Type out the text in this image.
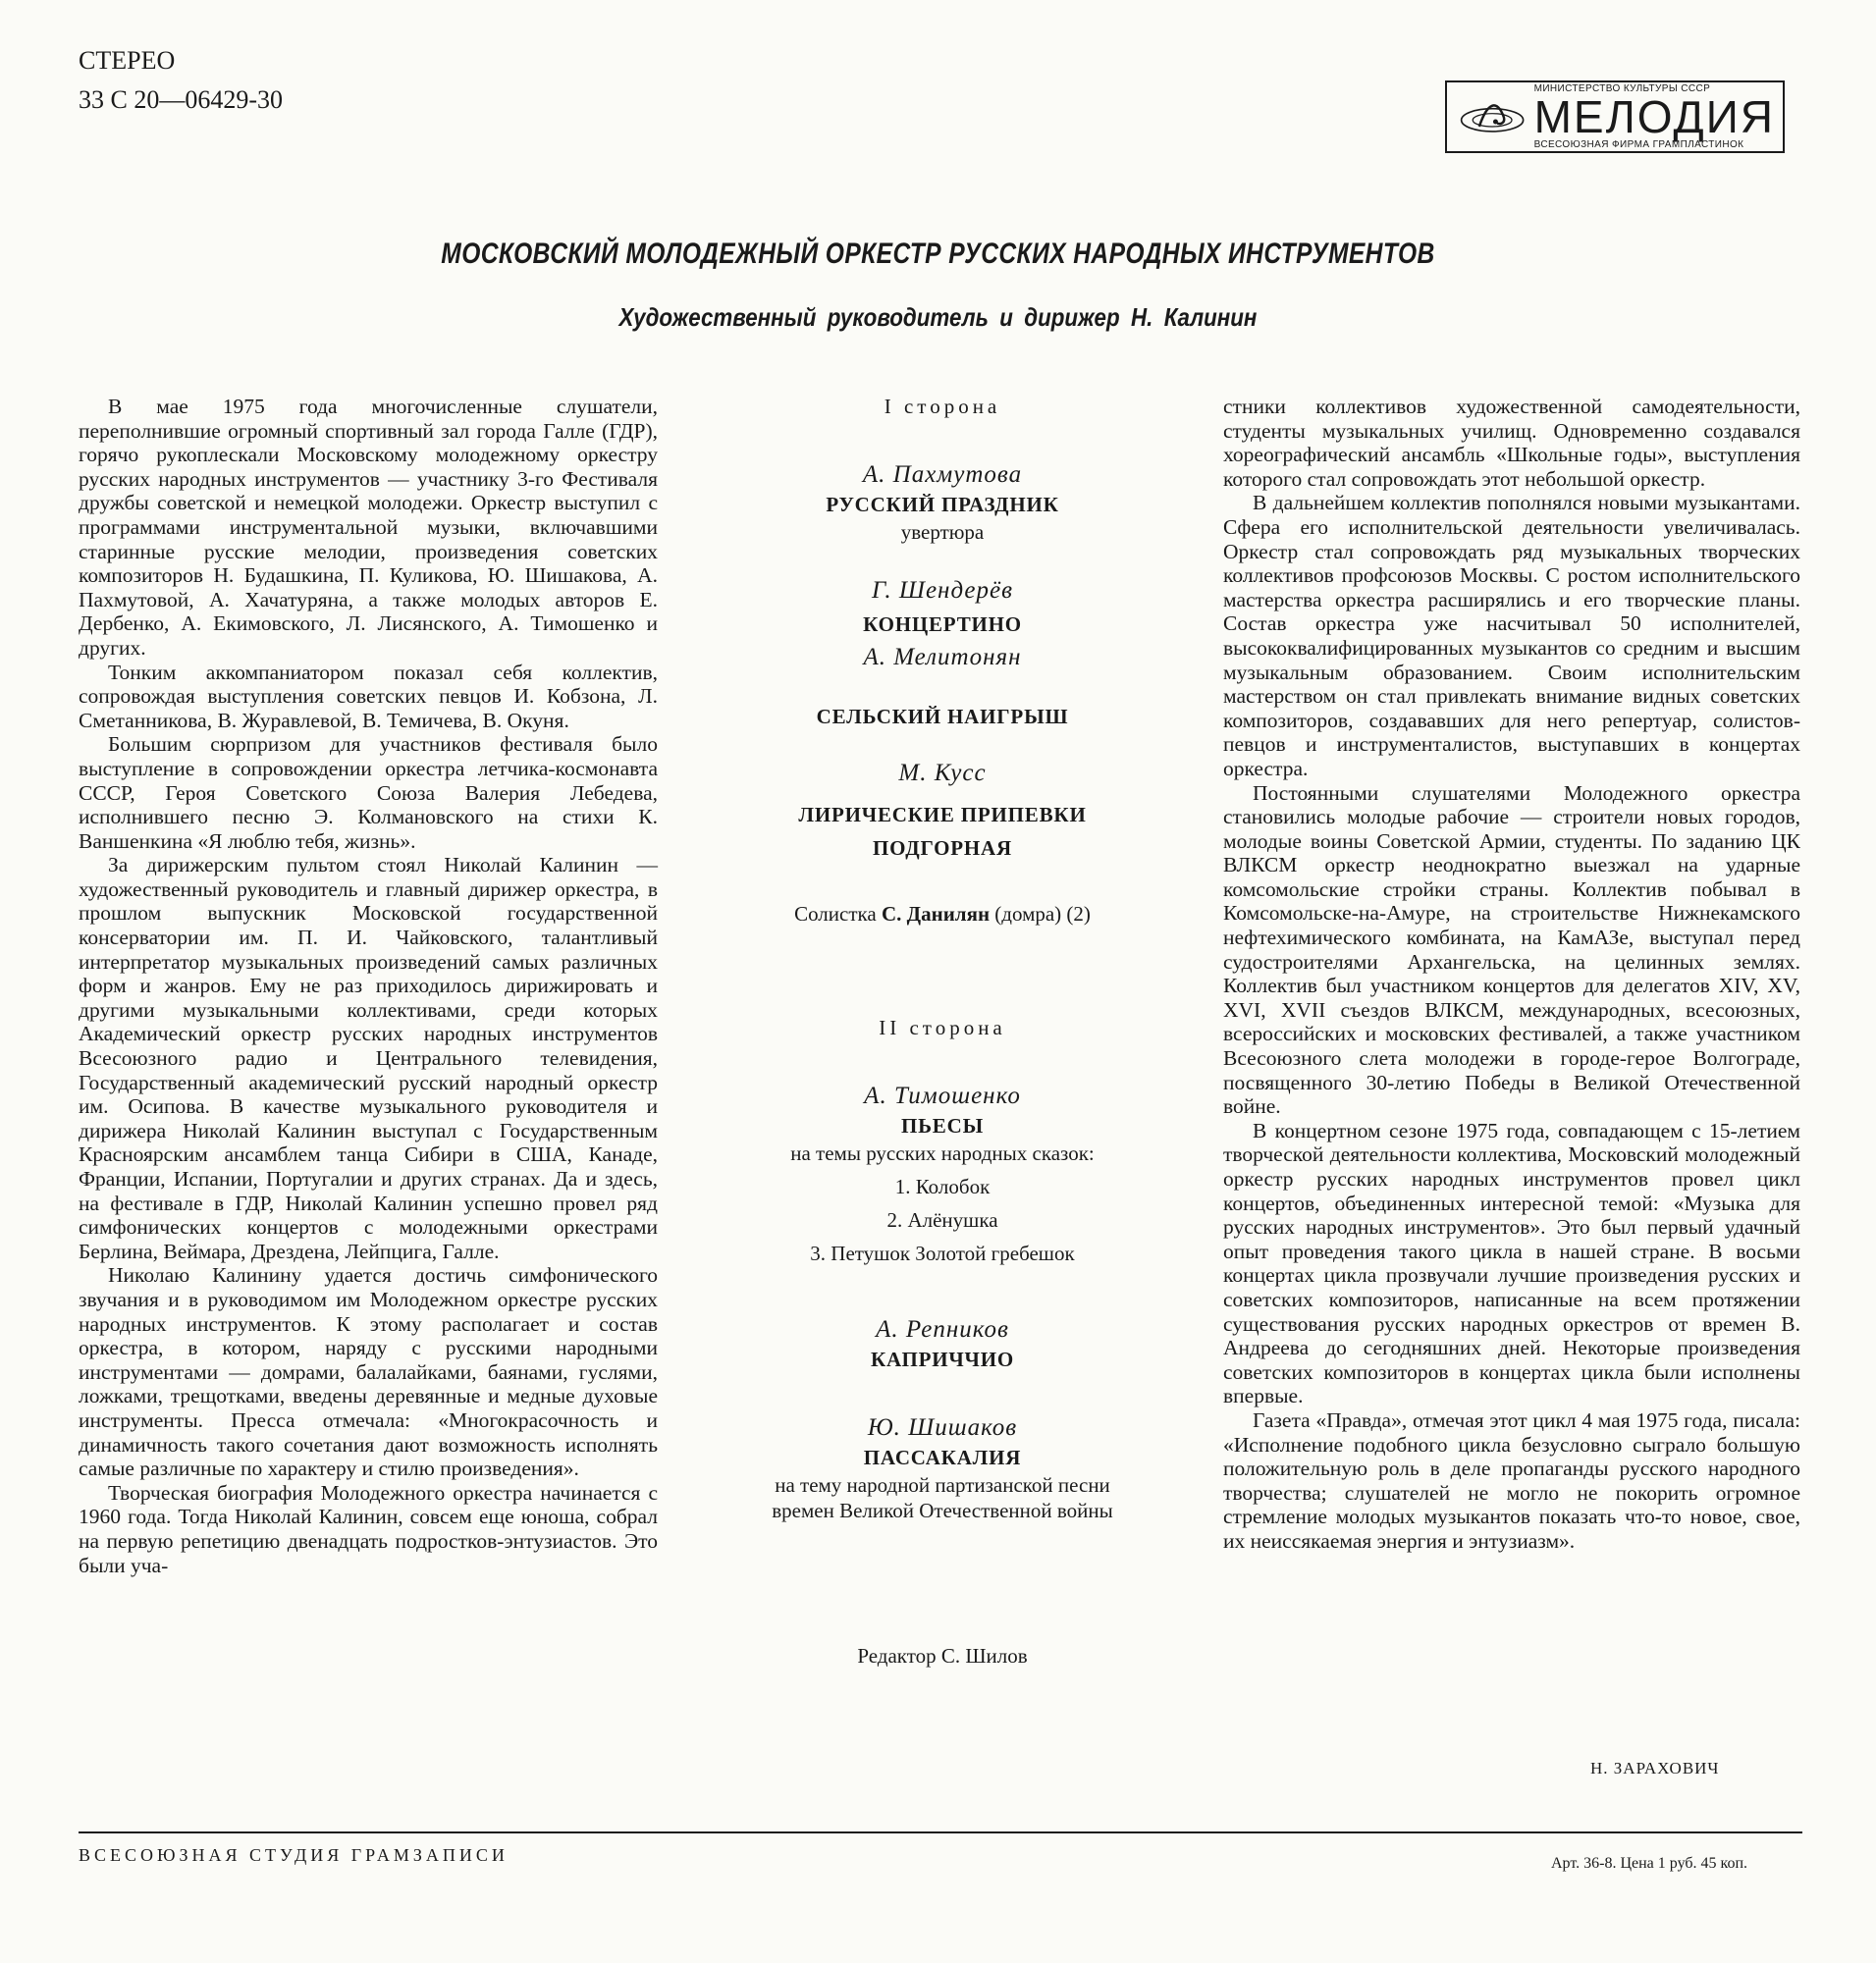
СТЕРЕО
33 С 20—06429-30	МИНИСТЕРСТВО КУЛЬТУРЫ СССР
МЕЛОДИЯ
ВСЕСОЮЗНАЯ ФИРМА ГРАМПЛАСТИНОК
МОСКОВСКИЙ МОЛОДЕЖНЫЙ ОРКЕСТР РУССКИХ НАРОДНЫХ ИНСТРУМЕНТОВ
Художественный руководитель и дирижер Н. Калинин

В мае 1975 года многочисленные слушатели, переполнившие огромный спортивный зал города Галле (ГДР), горячо рукоплескали Московскому молодежному оркестру русских народных инструментов — участнику 3-го Фестиваля дружбы советской и немецкой молодежи. Оркестр выступил с программами инструментальной музыки, включавшими старинные русские мелодии, произведения советских композиторов Н. Будашкина, П. Куликова, Ю. Шишакова, А. Пахмутовой, А. Хачатуряна, а также молодых авторов Е. Дербенко, А. Екимовского, Л. Лисянского, А. Тимошенко и других.

Тонким аккомпаниатором показал себя коллектив, сопровождая выступления советских певцов И. Кобзона, Л. Сметанникова, В. Журавлевой, В. Темичева, В. Окуня.

Большим сюрпризом для участников фестиваля было выступление в сопровождении оркестра летчика-космонавта СССР, Героя Советского Союза Валерия Лебедева, исполнившего песню Э. Колмановского на стихи К. Ваншенкина «Я люблю тебя, жизнь».

За дирижерским пультом стоял Николай Калинин — художественный руководитель и главный дирижер оркестра, в прошлом выпускник Московской государственной консерватории им. П. И. Чайковского, талантливый интерпретатор музыкальных произведений самых различных форм и жанров. Ему не раз приходилось дирижировать и другими музыкальными коллективами, среди которых Академический оркестр русских народных инструментов Всесоюзного радио и Центрального телевидения, Государственный академический русский народный оркестр им. Осипова. В качестве музыкального руководителя и дирижера Николай Калинин выступал с Государственным Красноярским ансамблем танца Сибири в США, Канаде, Франции, Испании, Португалии и других странах. Да и здесь, на фестивале в ГДР, Николай Калинин успешно провел ряд симфонических концертов с молодежными оркестрами Берлина, Веймара, Дрездена, Лейпцига, Галле.

Николаю Калинину удается достичь симфонического звучания и в руководимом им Молодежном оркестре русских народных инструментов. К этому располагает и состав оркестра, в котором, наряду с русскими народными инструментами — домрами, балалайками, баянами, гуслями, ложками, трещотками, введены деревянные и медные духовые инструменты. Пресса отмечала: «Многокрасочность и динамичность такого сочетания дают возможность исполнять самые различные по характеру и стилю произведения».

Творческая биография Молодежного оркестра начинается с 1960 года. Тогда Николай Калинин, совсем еще юноша, собрал на первую репетицию двенадцать подростков-энтузиастов. Это были уча-

I сторона
А. Пахмутова
РУССКИЙ ПРАЗДНИК
увертюра
Г. Шендерёв
КОНЦЕРТИНО
А. Мелитонян
СЕЛЬСКИЙ НАИГРЫШ
М. Кусс
ЛИРИЧЕСКИЕ ПРИПЕВКИ
ПОДГОРНАЯ
Солистка С. Данилян (домра) (2)
II сторона
А. Тимошенко
ПЬЕСЫ
на темы русских народных сказок:
1. Колобок
2. Алёнушка
3. Петушок Золотой гребешок
А. Репников
КАПРИЧЧИО
Ю. Шишаков
ПАССАКАЛИЯ
на тему народной партизанской песни
времен Великой Отечественной войны
Редактор С. Шилов

стники коллективов художественной самодеятельности, студенты музыкальных училищ. Одновременно создавался хореографический ансамбль «Школьные годы», выступления которого стал сопровождать этот небольшой оркестр.

В дальнейшем коллектив пополнялся новыми музыкантами. Сфера его исполнительской деятельности увеличивалась. Оркестр стал сопровождать ряд музыкальных творческих коллективов профсоюзов Москвы. С ростом исполнительского мастерства оркестра расширялись и его творческие планы. Состав оркестра уже насчитывал 50 исполнителей, высококвалифицированных музыкантов со средним и высшим музыкальным образованием. Своим исполнительским мастерством он стал привлекать внимание видных советских композиторов, создававших для него репертуар, солистов-певцов и инструменталистов, выступавших в концертах оркестра.

Постоянными слушателями Молодежного оркестра становились молодые рабочие — строители новых городов, молодые воины Советской Армии, студенты. По заданию ЦК ВЛКСМ оркестр неоднократно выезжал на ударные комсомольские стройки страны. Коллектив побывал в Комсомольске-на-Амуре, на строительстве Нижнекамского нефтехимического комбината, на КамАЗе, выступал перед судостроителями Архангельска, на целинных землях. Коллектив был участником концертов для делегатов XIV, XV, XVI, XVII съездов ВЛКСМ, международных, всесоюзных, всероссийских и московских фестивалей, а также участником Всесоюзного слета молодежи в городе-герое Волгограде, посвященного 30-летию Победы в Великой Отечественной войне.

В концертном сезоне 1975 года, совпадающем с 15-летием творческой деятельности коллектива, Московский молодежный оркестр русских народных инструментов провел цикл концертов, объединенных интересной темой: «Музыка для русских народных инструментов». Это был первый удачный опыт проведения такого цикла в нашей стране. В восьми концертах цикла прозвучали лучшие произведения русских и советских композиторов, написанные на всем протяжении существования русских народных оркестров от времен В. Андреева до сегодняшних дней. Некоторые произведения советских композиторов в концертах цикла были исполнены впервые.

Газета «Правда», отмечая этот цикл 4 мая 1975 года, писала: «Исполнение подобного цикла безусловно сыграло большую положительную роль в деле пропаганды русского народного творчества; слушателей не могло не покорить огромное стремление молодых музыкантов показать что-то новое, свое, их неиссякаемая энергия и энтузиазм».

Н. ЗАРАХОВИЧ
ВСЕСОЮЗНАЯ СТУДИЯ ГРАМЗАПИСИ	Арт. 36-8. Цена 1 руб. 45 коп.
